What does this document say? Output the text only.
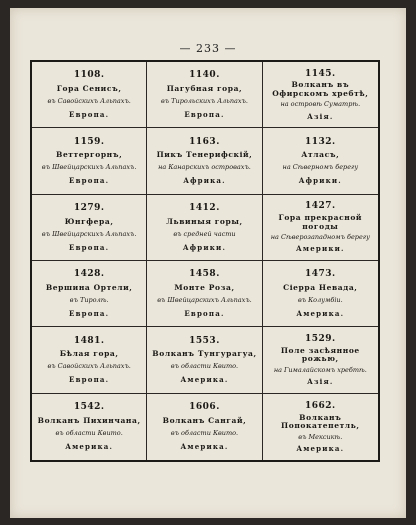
— 233 —
1108.
Гора Сенисъ,
въ Савойскихъ Альпахъ.
Европа.
1140.
Пагубная гора,
въ Тирольскихъ Альпахъ.
Европа.
1145.
Волканъ въ Офирскомъ хребтѣ,
на островѣ Суматрѣ.
Азія.
1159.
Веттергорнъ,
въ Швейцарскихъ Альпахъ.
Европа.
1163.
Пикъ Тенерифскій,
на Канарскихъ островахъ.
Африка.
1132.
Атласъ,
на Сѣверномъ берегу
Африки.
1279.
Юнгфера,
въ Швейцарскихъ Альпахъ.
Европа.
1412.
Львиныя горы,
въ средней части
Африки.
1427.
Гора прекрасной погоды
на Сѣверозападномъ берегу
Америки.
1428.
Вершина Ортели,
въ Тиролѣ.
Европа.
1458.
Монте Роза,
въ Швейцарскихъ Альпахъ.
Европа.
1473.
Сіерра Невада,
въ Колумбіи.
Америка.
1481.
Бѣлая гора,
въ Савойскихъ Альпахъ.
Европа.
1553.
Волканъ Тунгурагуа,
въ области Квито.
Америка.
1529.
Поле засѣянное рожью,
на Гималайскомъ хребтѣ.
Азія.
1542.
Волканъ Пихинчана,
въ области Квито.
Америка.
1606.
Волканъ Сангай,
въ области Квито.
Америка.
1662.
Волканъ Попокатепетль,
въ Мексикѣ.
Америка.
